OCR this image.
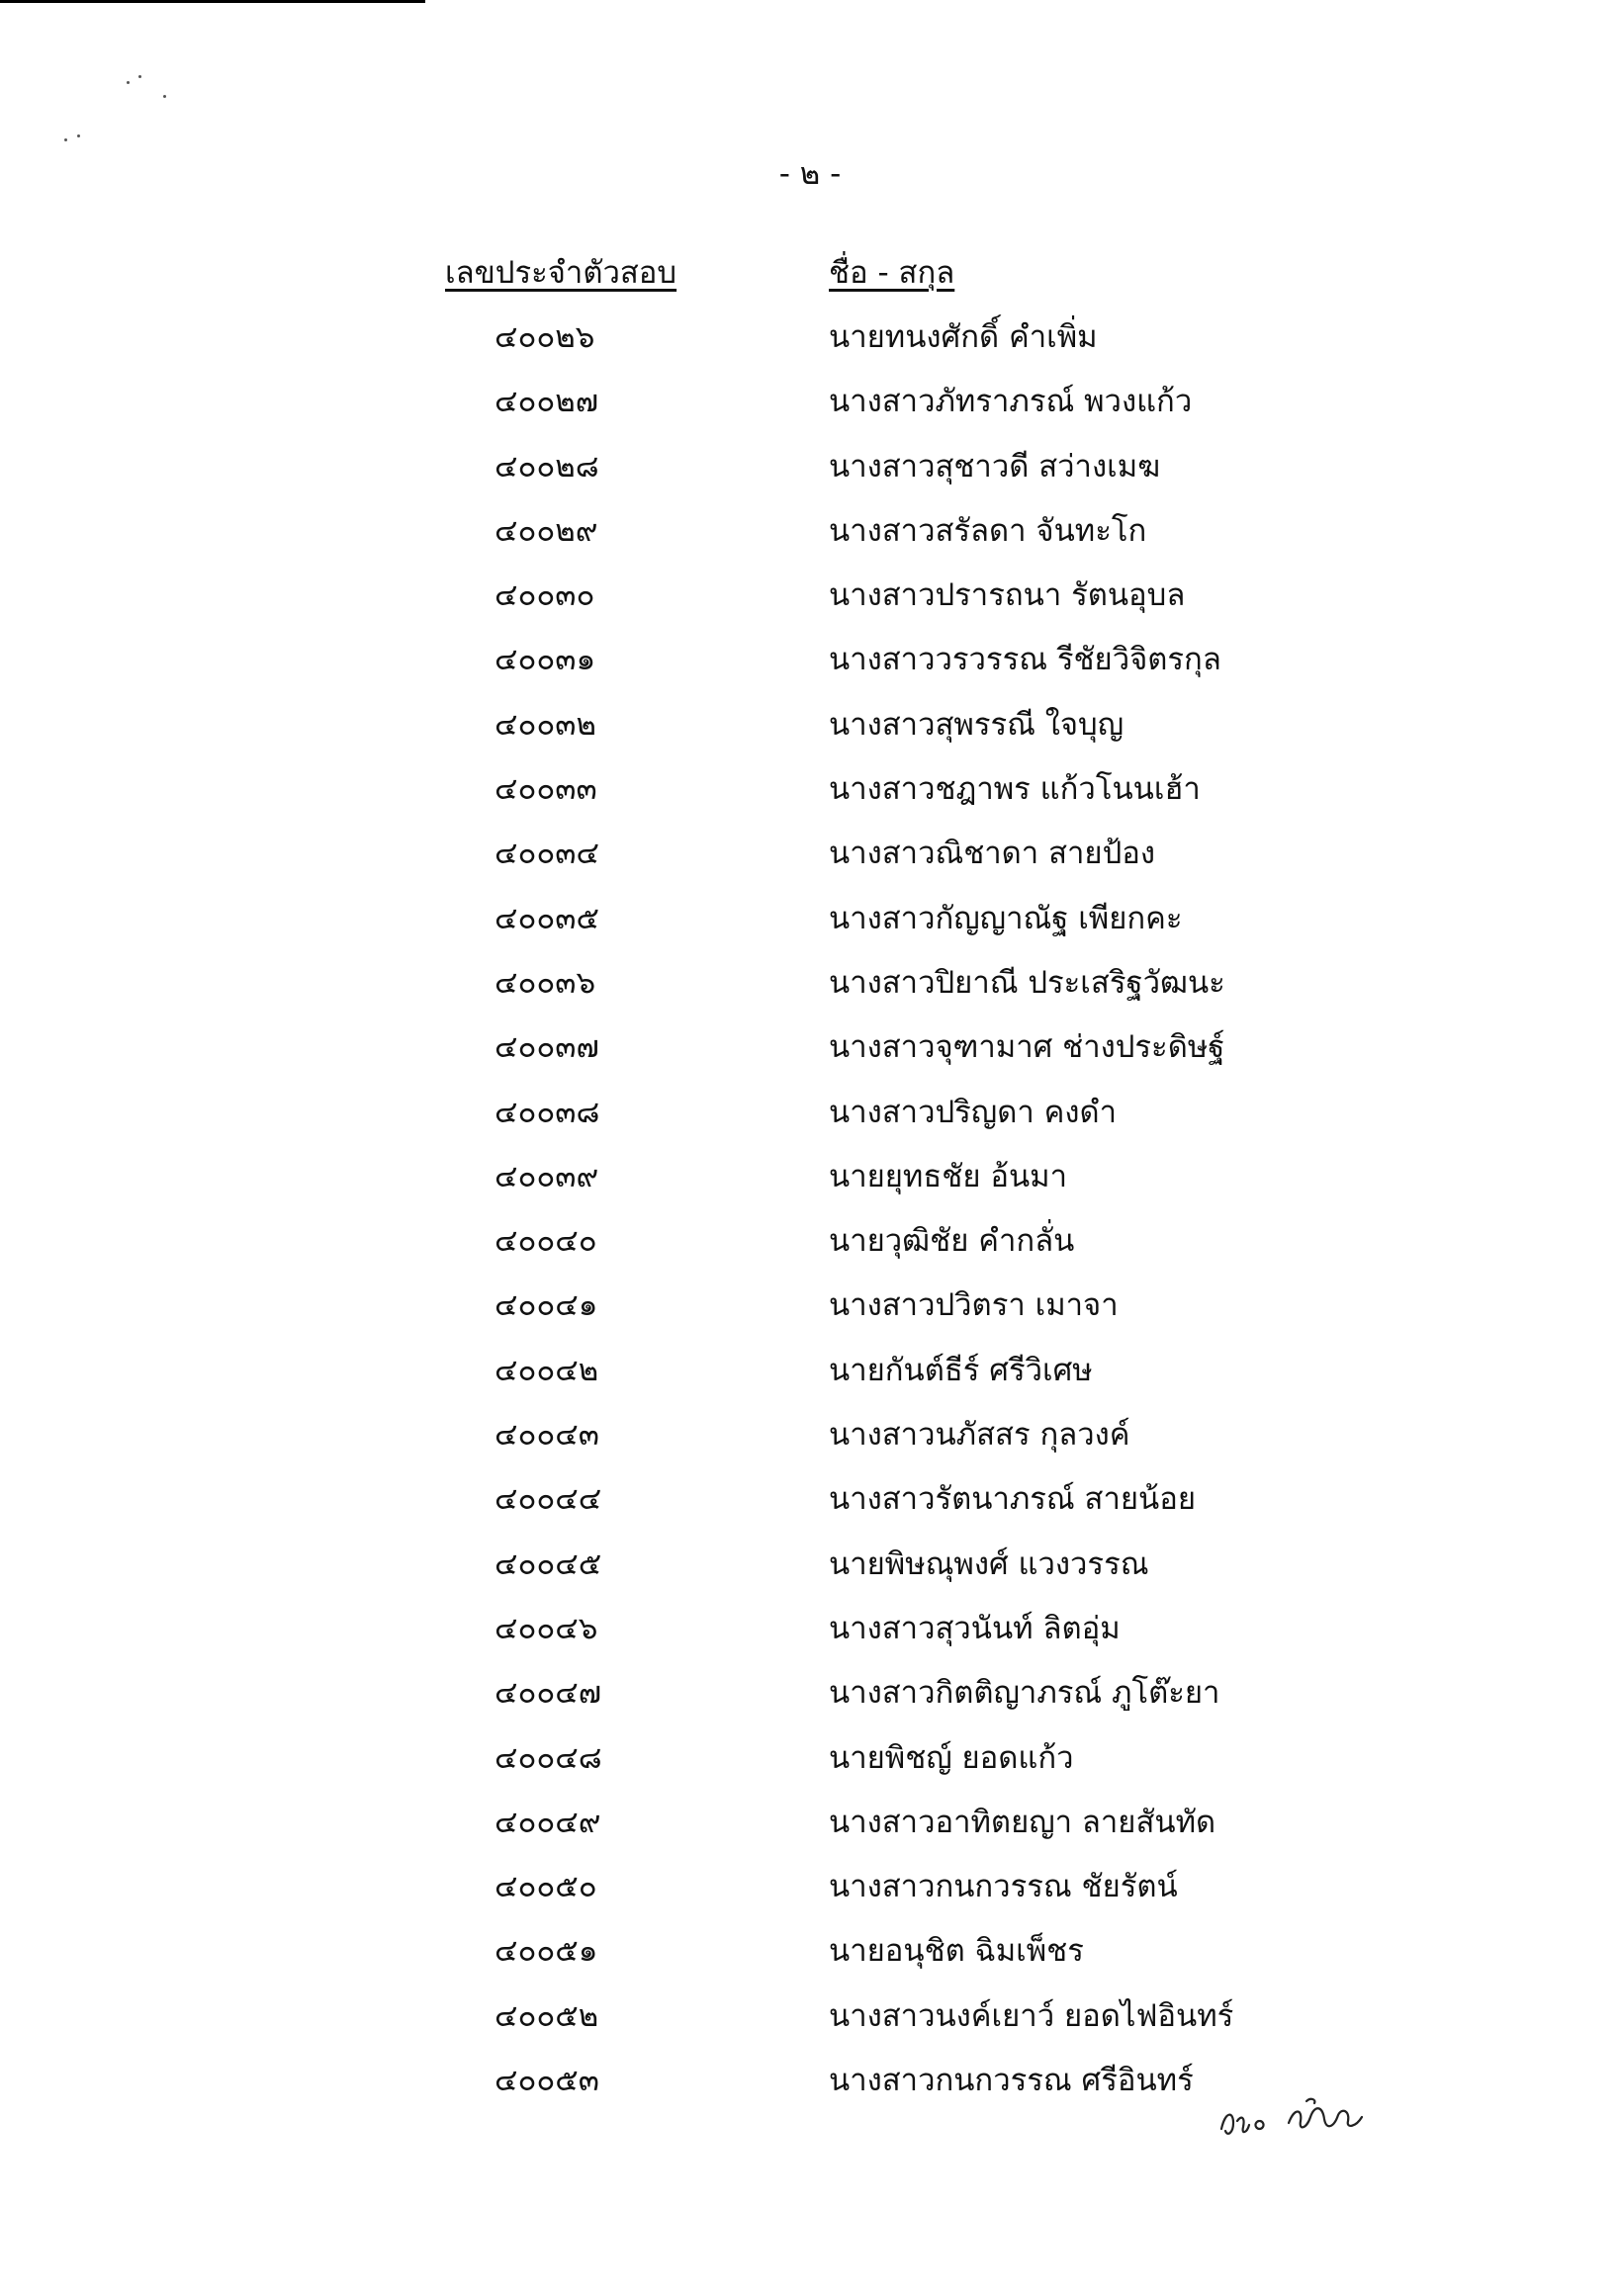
- ๒ -
เลขประจำตัวสอบ	ชื่อ - สกุล
๔๐๐๒๖	นายทนงศักดิ์ คำเพิ่ม
๔๐๐๒๗	นางสาวภัทราภรณ์ พวงแก้ว
๔๐๐๒๘	นางสาวสุชาวดี สว่างเมฆ
๔๐๐๒๙	นางสาวสรัลดา จันทะโก
๔๐๐๓๐	นางสาวปรารถนา รัตนอุบล
๔๐๐๓๑	นางสาววรวรรณ รีชัยวิจิตรกุล
๔๐๐๓๒	นางสาวสุพรรณี ใจบุญ
๔๐๐๓๓	นางสาวชฎาพร แก้วโนนเฮ้า
๔๐๐๓๔	นางสาวณิชาดา สายป้อง
๔๐๐๓๕	นางสาวกัญญาณัฐ เพียกคะ
๔๐๐๓๖	นางสาวปิยาณี ประเสริฐวัฒนะ
๔๐๐๓๗	นางสาวจุฑามาศ ช่างประดิษฐ์
๔๐๐๓๘	นางสาวปริญดา คงดำ
๔๐๐๓๙	นายยุทธชัย อ้นมา
๔๐๐๔๐	นายวุฒิชัย คำกลั่น
๔๐๐๔๑	นางสาวปวิตรา เมาจา
๔๐๐๔๒	นายกันต์ธีร์ ศรีวิเศษ
๔๐๐๔๓	นางสาวนภัสสร กุลวงค์
๔๐๐๔๔	นางสาวรัตนาภรณ์ สายน้อย
๔๐๐๔๕	นายพิษณุพงศ์ แวงวรรณ
๔๐๐๔๖	นางสาวสุวนันท์ ลิตอุ่ม
๔๐๐๔๗	นางสาวกิตติญาภรณ์ ภูโต๊ะยา
๔๐๐๔๘	นายพิชญ์ ยอดแก้ว
๔๐๐๔๙	นางสาวอาทิตยญา ลายสันทัด
๔๐๐๕๐	นางสาวกนกวรรณ ชัยรัตน์
๔๐๐๕๑	นายอนุชิต ฉิมเพ็ชร
๔๐๐๕๒	นางสาวนงค์เยาว์ ยอดไฟอินทร์
๔๐๐๕๓	นางสาวกนกวรรณ ศรีอินทร์
